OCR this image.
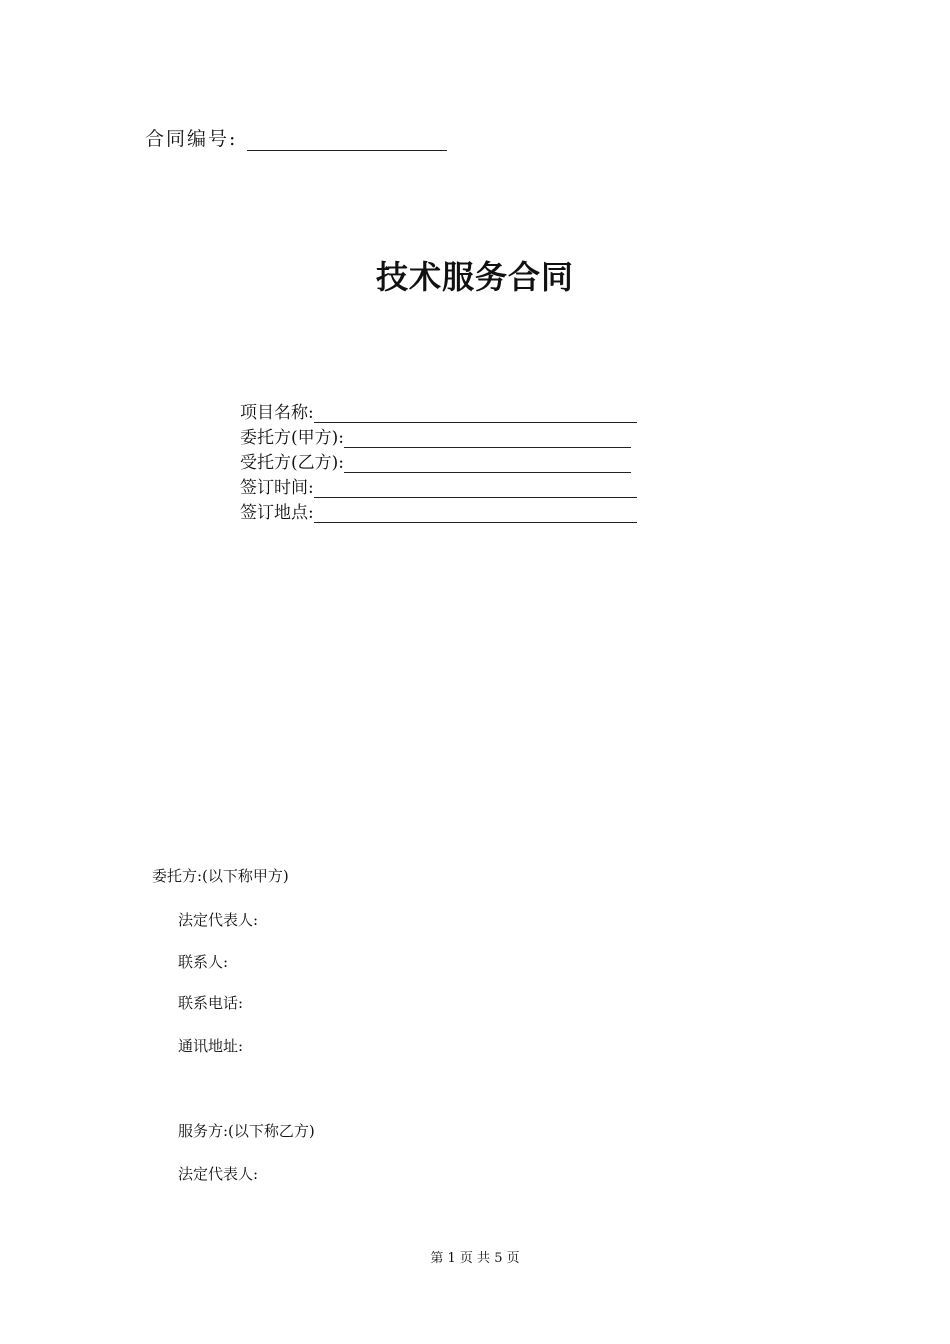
合同编号:
技术服务合同
项目名称:
委托方(甲方):
受托方(乙方):
签订时间:
签订地点:
委托方:(以下称甲方)
法定代表人:
联系人:
联系电话:
通讯地址:
服务方:(以下称乙方)
法定代表人:
第 1 页 共 5 页
